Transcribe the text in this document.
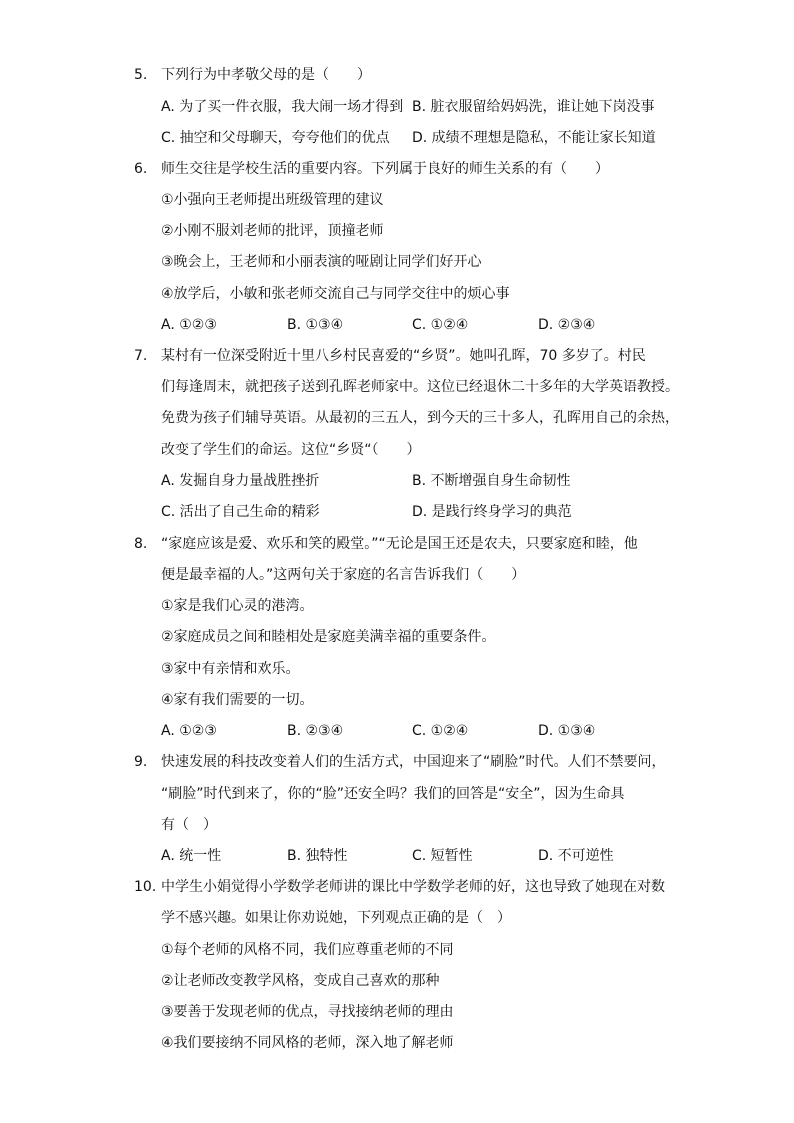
5. 下列行为中孝敬父母的是（　　）
A. 为了买一件衣服，我大闹一场才得到 B. 脏衣服留给妈妈洗，谁让她下岗没事
C. 抽空和父母聊天，夸夸他们的优点 D. 成绩不理想是隐私，不能让家长知道
6. 师生交往是学校生活的重要内容。下列属于良好的师生关系的有（　　）
①小强向王老师提出班级管理的建议
②小刚不服刘老师的批评，顶撞老师
③晚会上，王老师和小丽表演的哑剧让同学们好开心
④放学后，小敏和张老师交流自己与同学交往中的烦心事
A. ①②③	B. ①③④	C. ①②④	D. ②③④
7. 某村有一位深受附近十里八乡村民喜爱的“乡贤”。她叫孔晖，70 多岁了。村民
们每逢周末，就把孩子送到孔晖老师家中。这位已经退休二十多年的大学英语教授。
免费为孩子们辅导英语。从最初的三五人，到今天的三十多人，孔晖用自己的余热，
改变了学生们的命运。这位“乡贤“（　　）
A. 发掘自身力量战胜挫折	B. 不断增强自身生命韧性
C. 活出了自己生命的精彩	D. 是践行终身学习的典范
8. “家庭应该是爱、欢乐和笑的殿堂。”“无论是国王还是农夫，只要家庭和睦，他
便是最幸福的人。”这两句关于家庭的名言告诉我们（　　）
①家是我们心灵的港湾。
②家庭成员之间和睦相处是家庭美满幸福的重要条件。
③家中有亲情和欢乐。
④家有我们需要的一切。
A. ①②③	B. ②③④	C. ①②④	D. ①③④
9. 快速发展的科技改变着人们的生活方式，中国迎来了“刷脸”时代。人们不禁要问，
“刷脸”时代到来了，你的“脸”还安全吗？我们的回答是“安全”，因为生命具
有（　）
A. 统一性	B. 独特性	C. 短暂性	D. 不可逆性
10. 中学生小娟觉得小学数学老师讲的课比中学数学老师的好，这也导致了她现在对数
学不感兴趣。如果让你劝说她，下列观点正确的是（　）
①每个老师的风格不同，我们应尊重老师的不同
②让老师改变教学风格，变成自己喜欢的那种
③要善于发现老师的优点，寻找接纳老师的理由
④我们要接纳不同风格的老师，深入地了解老师
